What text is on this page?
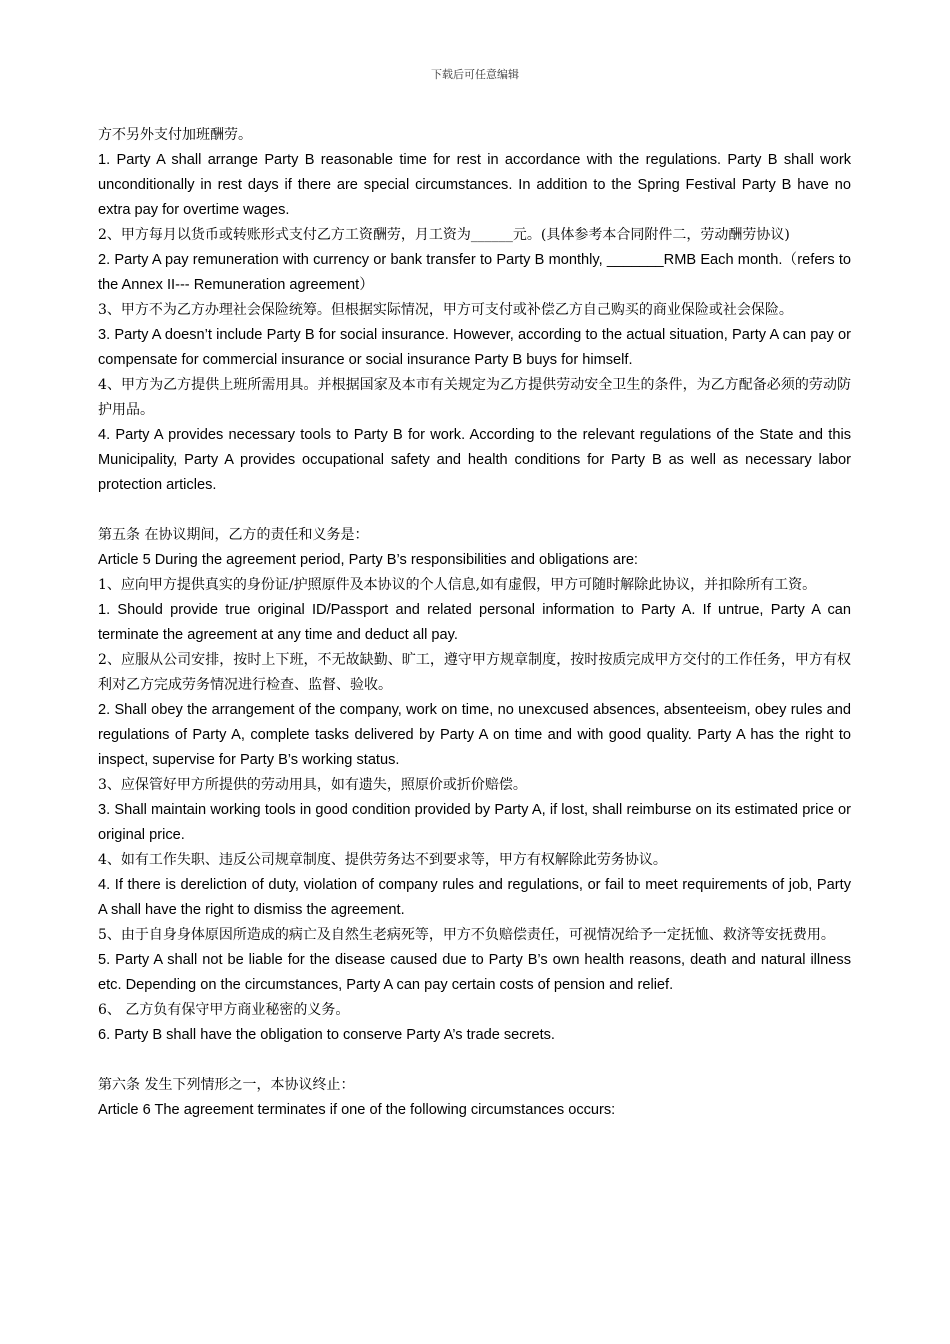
下载后可任意编辑

方不另外支付加班酬劳。

1. Party A shall arrange Party B reasonable time for rest in accordance with the regulations. Party B shall work unconditionally in rest days if there are special circumstances. In addition to the Spring Festival Party B have no extra pay for overtime wages.

2、甲方每月以货币或转账形式支付乙方工资酬劳，月工资为______元。(具体参考本合同附件二，劳动酬劳协议)

2. Party A pay remuneration with currency or bank transfer to Party B monthly, _______RMB Each month.（refers to the Annex II--- Remuneration agreement）

3、甲方不为乙方办理社会保险统筹。但根据实际情况，甲方可支付或补偿乙方自己购买的商业保险或社会保险。

3. Party A doesn’t include Party B for social insurance. However, according to the actual situation, Party A can pay or compensate for commercial insurance or social insurance Party B buys for himself.

4、甲方为乙方提供上班所需用具。并根据国家及本市有关规定为乙方提供劳动安全卫生的条件，为乙方配备必须的劳动防护用品。

4. Party A provides necessary tools to Party B for work. According to the relevant regulations of the State and this Municipality, Party A provides occupational safety and health conditions for Party B as well as necessary labor protection articles.

第五条 在协议期间，乙方的责任和义务是：

Article 5 During the agreement period, Party B’s responsibilities and obligations are:

1、应向甲方提供真实的身份证/护照原件及本协议的个人信息,如有虚假，甲方可随时解除此协议，并扣除所有工资。

1. Should provide true original ID/Passport and related personal information to Party A. If untrue, Party A can terminate the agreement at any time and deduct all pay.

2、应服从公司安排，按时上下班，不无故缺勤、旷工，遵守甲方规章制度，按时按质完成甲方交付的工作任务，甲方有权利对乙方完成劳务情况进行检查、监督、验收。

2. Shall obey the arrangement of the company, work on time, no unexcused absences, absenteeism, obey rules and regulations of Party A, complete tasks delivered by Party A on time and with good quality. Party A has the right to inspect, supervise for Party B’s working status.

3、应保管好甲方所提供的劳动用具，如有遗失，照原价或折价赔偿。

3. Shall maintain working tools in good condition provided by Party A, if lost, shall reimburse on its estimated price or original price.

4、如有工作失职、违反公司规章制度、提供劳务达不到要求等，甲方有权解除此劳务协议。

4. If there is dereliction of duty, violation of company rules and regulations, or fail to meet requirements of job, Party A shall have the right to dismiss the agreement.

5、由于自身身体原因所造成的病亡及自然生老病死等，甲方不负赔偿责任，可视情况给予一定抚恤、救济等安抚费用。

5. Party A shall not be liable for the disease caused due to Party B’s own health reasons, death and natural illness etc. Depending on the circumstances, Party A can pay certain costs of pension and relief.

6、 乙方负有保守甲方商业秘密的义务。

6. Party B shall have the obligation to conserve Party A’s trade secrets.

第六条 发生下列情形之一，本协议终止：

Article 6 The agreement terminates if one of the following circumstances occurs:
